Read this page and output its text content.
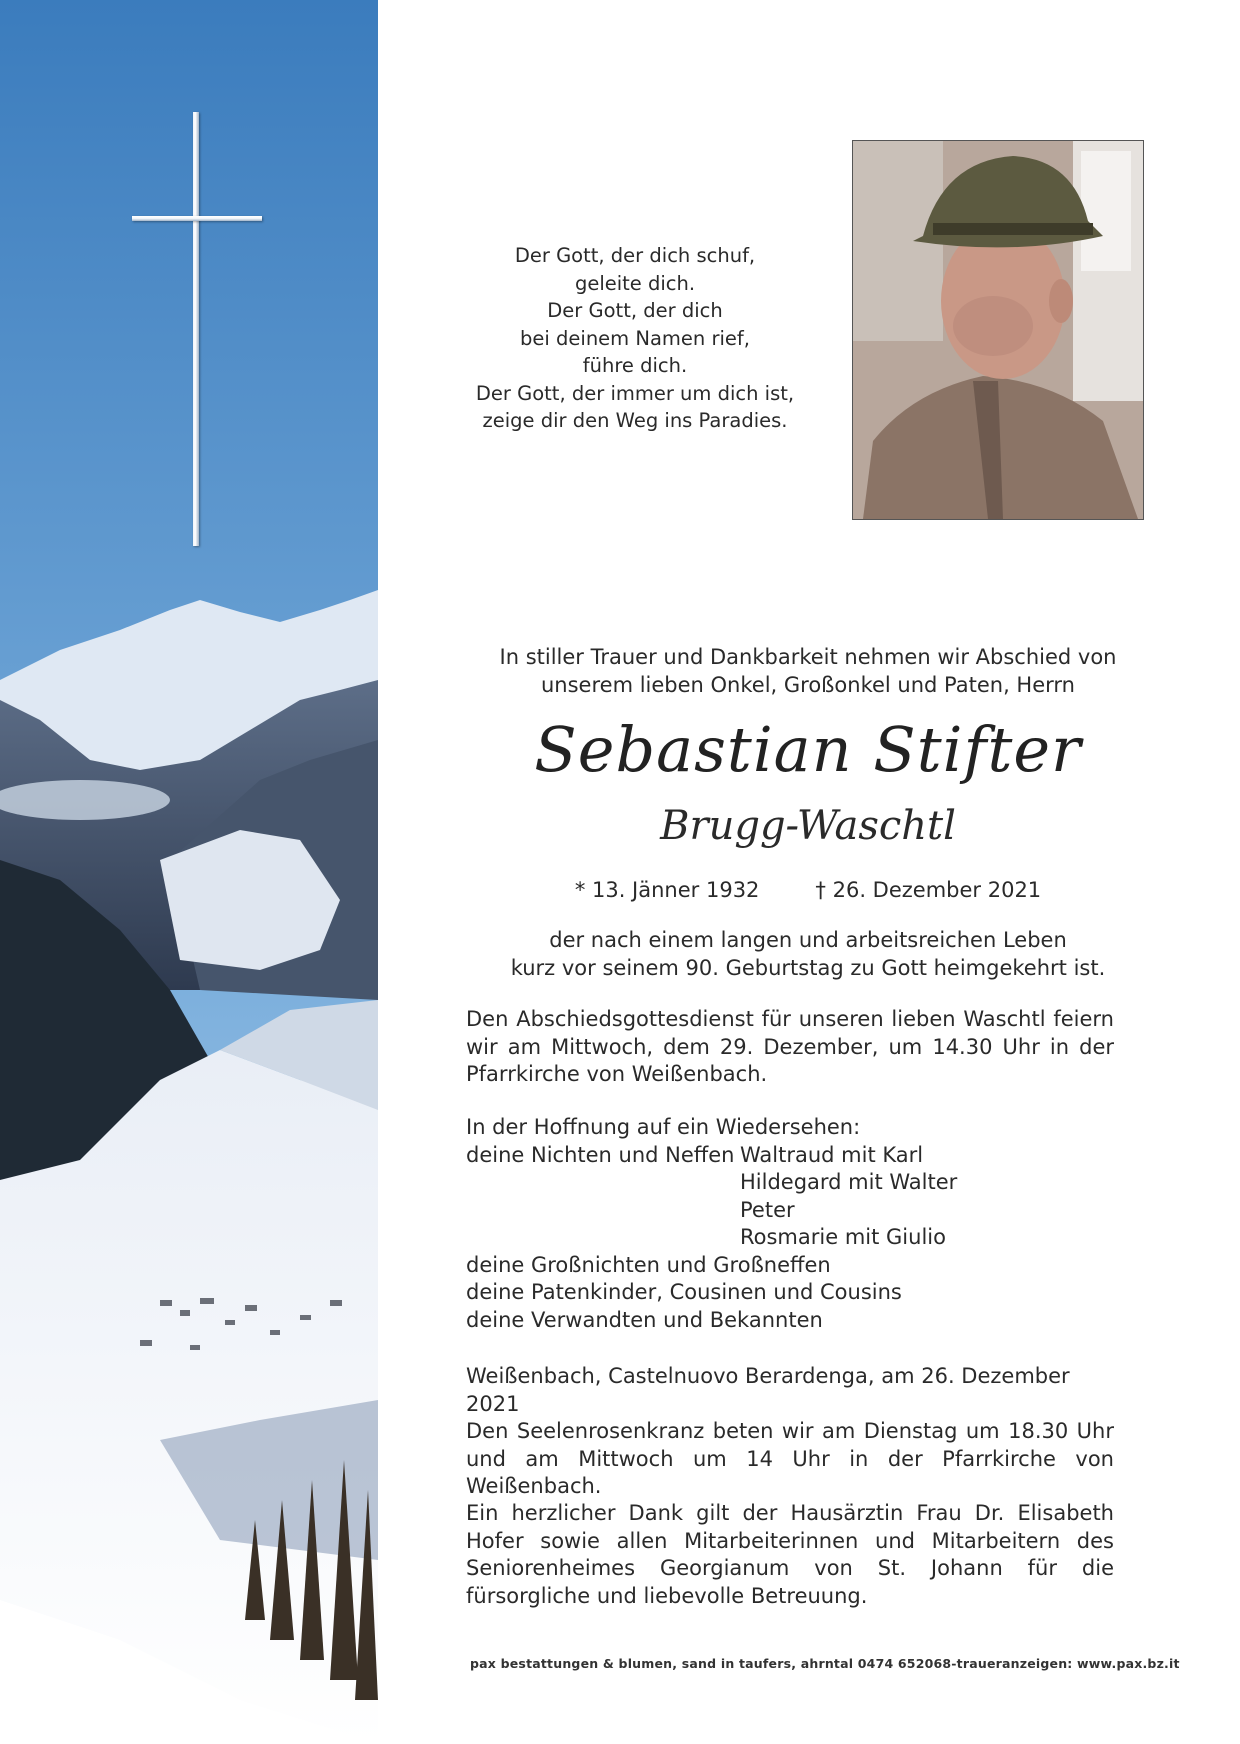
Der Gott, der dich schuf,
geleite dich.
Der Gott, der dich
bei deinem Namen rief,
führe dich.
Der Gott, der immer um dich ist,
zeige dir den Weg ins Paradies.
In stiller Trauer und Dankbarkeit nehmen wir Abschied von
unserem lieben Onkel, Großonkel und Paten, Herrn
Sebastian Stifter
Brugg-Waschtl
* 13. Jänner 1932	† 26. Dezember 2021
der nach einem langen und arbeitsreichen Leben
kurz vor seinem 90. Geburtstag zu Gott heimgekehrt ist.
Den Abschiedsgottesdienst für unseren lieben Waschtl feiern wir am Mittwoch, dem 29. Dezember, um 14.30 Uhr in der Pfarrkirche von Weißenbach.
In der Hoffnung auf ein Wiedersehen:
deine Nichten und Neffen Waltraud mit Karl
Hildegard mit Walter
Peter
Rosmarie mit Giulio
deine Großnichten und Großneffen
deine Patenkinder, Cousinen und Cousins
deine Verwandten und Bekannten
Weißenbach, Castelnuovo Berardenga, am 26. Dezember 2021
Den Seelenrosenkranz beten wir am Dienstag um 18.30 Uhr und am Mittwoch um 14 Uhr in der Pfarrkirche von Weißenbach.
Ein herzlicher Dank gilt der Hausärztin Frau Dr. Elisabeth Hofer sowie allen Mitarbeiterinnen und Mitarbeitern des Seniorenheimes Georgianum von St. Johann für die fürsorgliche und liebevolle Betreuung.
pax bestattungen & blumen, sand in taufers, ahrntal 0474 652068-traueranzeigen: www.pax.bz.it
